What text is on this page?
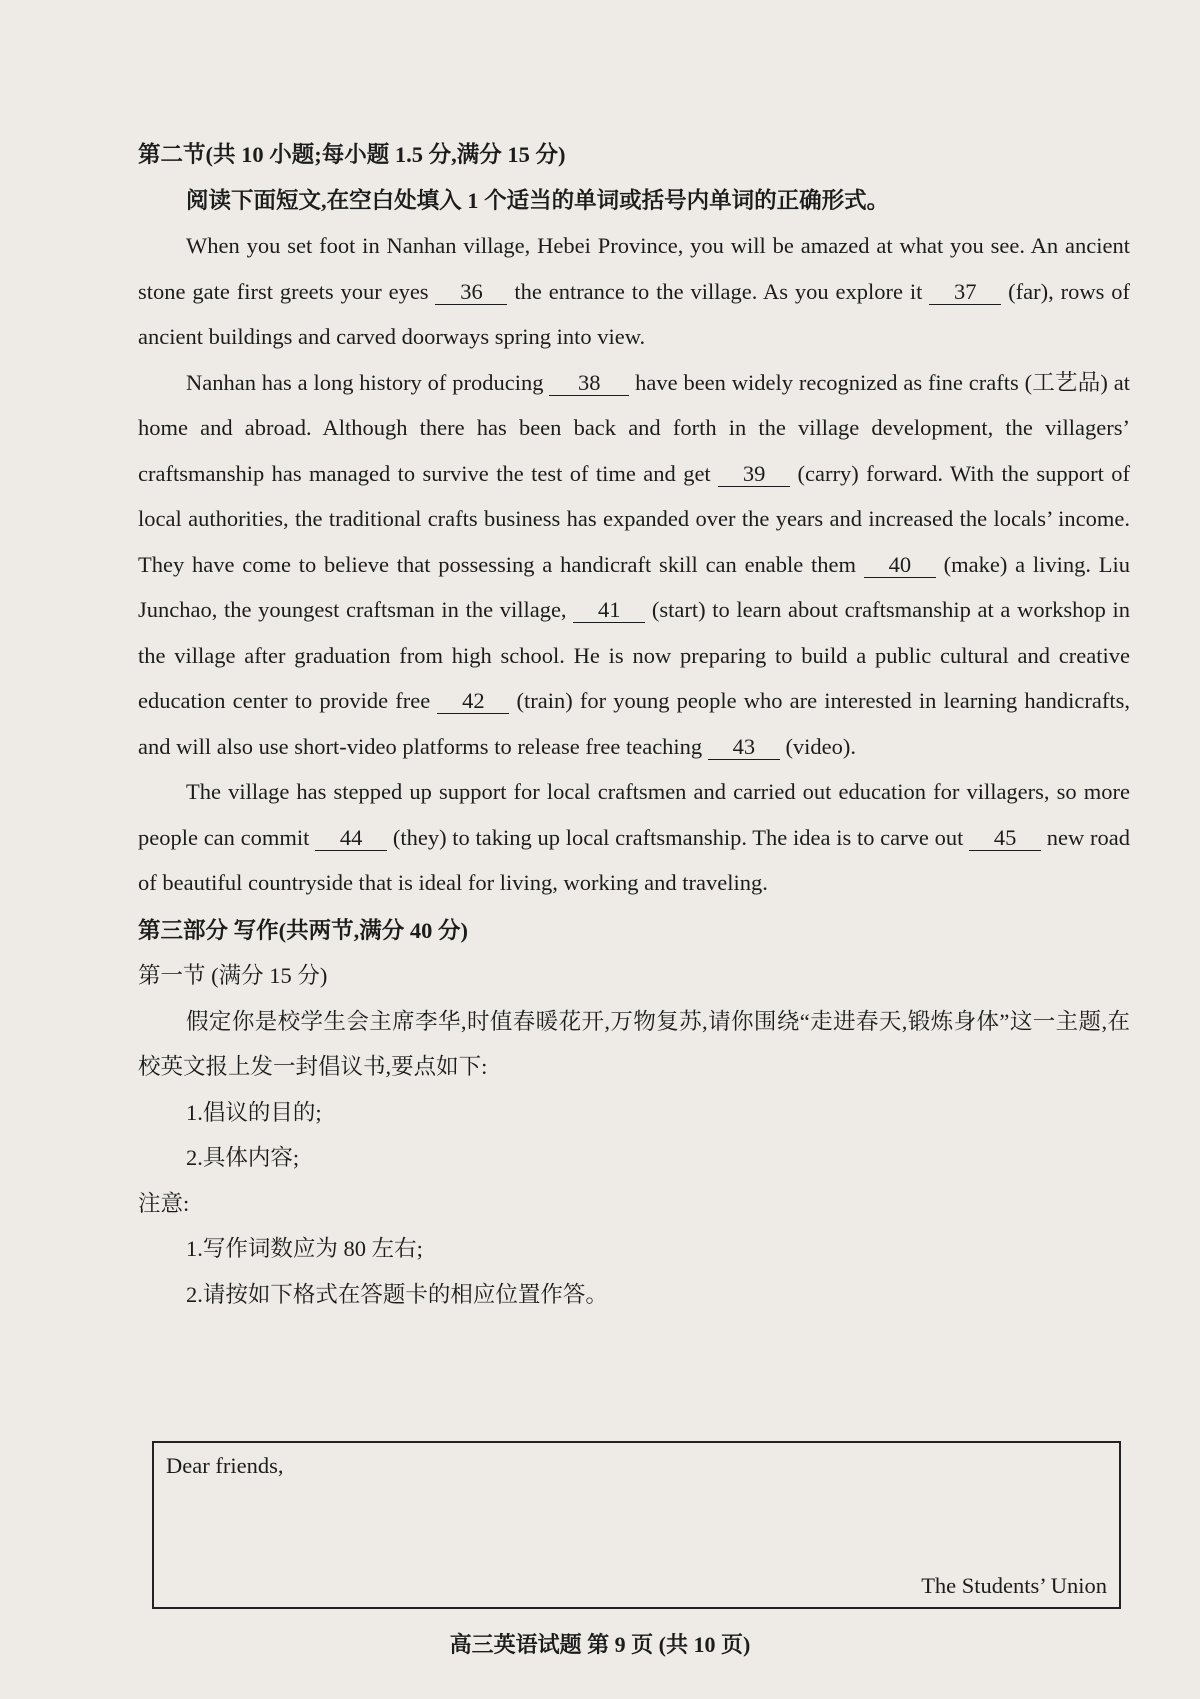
第二节(共 10 小题;每小题 1.5 分,满分 15 分)

阅读下面短文,在空白处填入 1 个适当的单词或括号内单词的正确形式。

When you set foot in Nanhan village, Hebei Province, you will be amazed at what you see. An ancient stone gate first greets your eyes 36 the entrance to the village. As you explore it 37 (far), rows of ancient buildings and carved doorways spring into view.

Nanhan has a long history of producing 38 have been widely recognized as fine crafts (工艺品) at home and abroad. Although there has been back and forth in the village development, the villagers’ craftsmanship has managed to survive the test of time and get 39 (carry) forward. With the support of local authorities, the traditional crafts business has expanded over the years and increased the locals’ income. They have come to believe that possessing a handicraft skill can enable them 40 (make) a living. Liu Junchao, the youngest craftsman in the village, 41 (start) to learn about craftsmanship at a workshop in the village after graduation from high school. He is now preparing to build a public cultural and creative education center to provide free 42 (train) for young people who are interested in learning handicrafts, and will also use short-video platforms to release free teaching 43 (video).

The village has stepped up support for local craftsmen and carried out education for villagers, so more people can commit 44 (they) to taking up local craftsmanship. The idea is to carve out 45 new road of beautiful countryside that is ideal for living, working and traveling.

第三部分 写作(共两节,满分 40 分)
第一节 (满分 15 分)

假定你是校学生会主席李华,时值春暖花开,万物复苏,请你围绕“走进春天,锻炼身体”这一主题,在校英文报上发一封倡议书,要点如下:

1.倡议的目的;
2.具体内容;
注意:
1.写作词数应为 80 左右;
2.请按如下格式在答题卡的相应位置作答。
Dear friends,
The Students’ Union
高三英语试题 第 9 页 (共 10 页)
